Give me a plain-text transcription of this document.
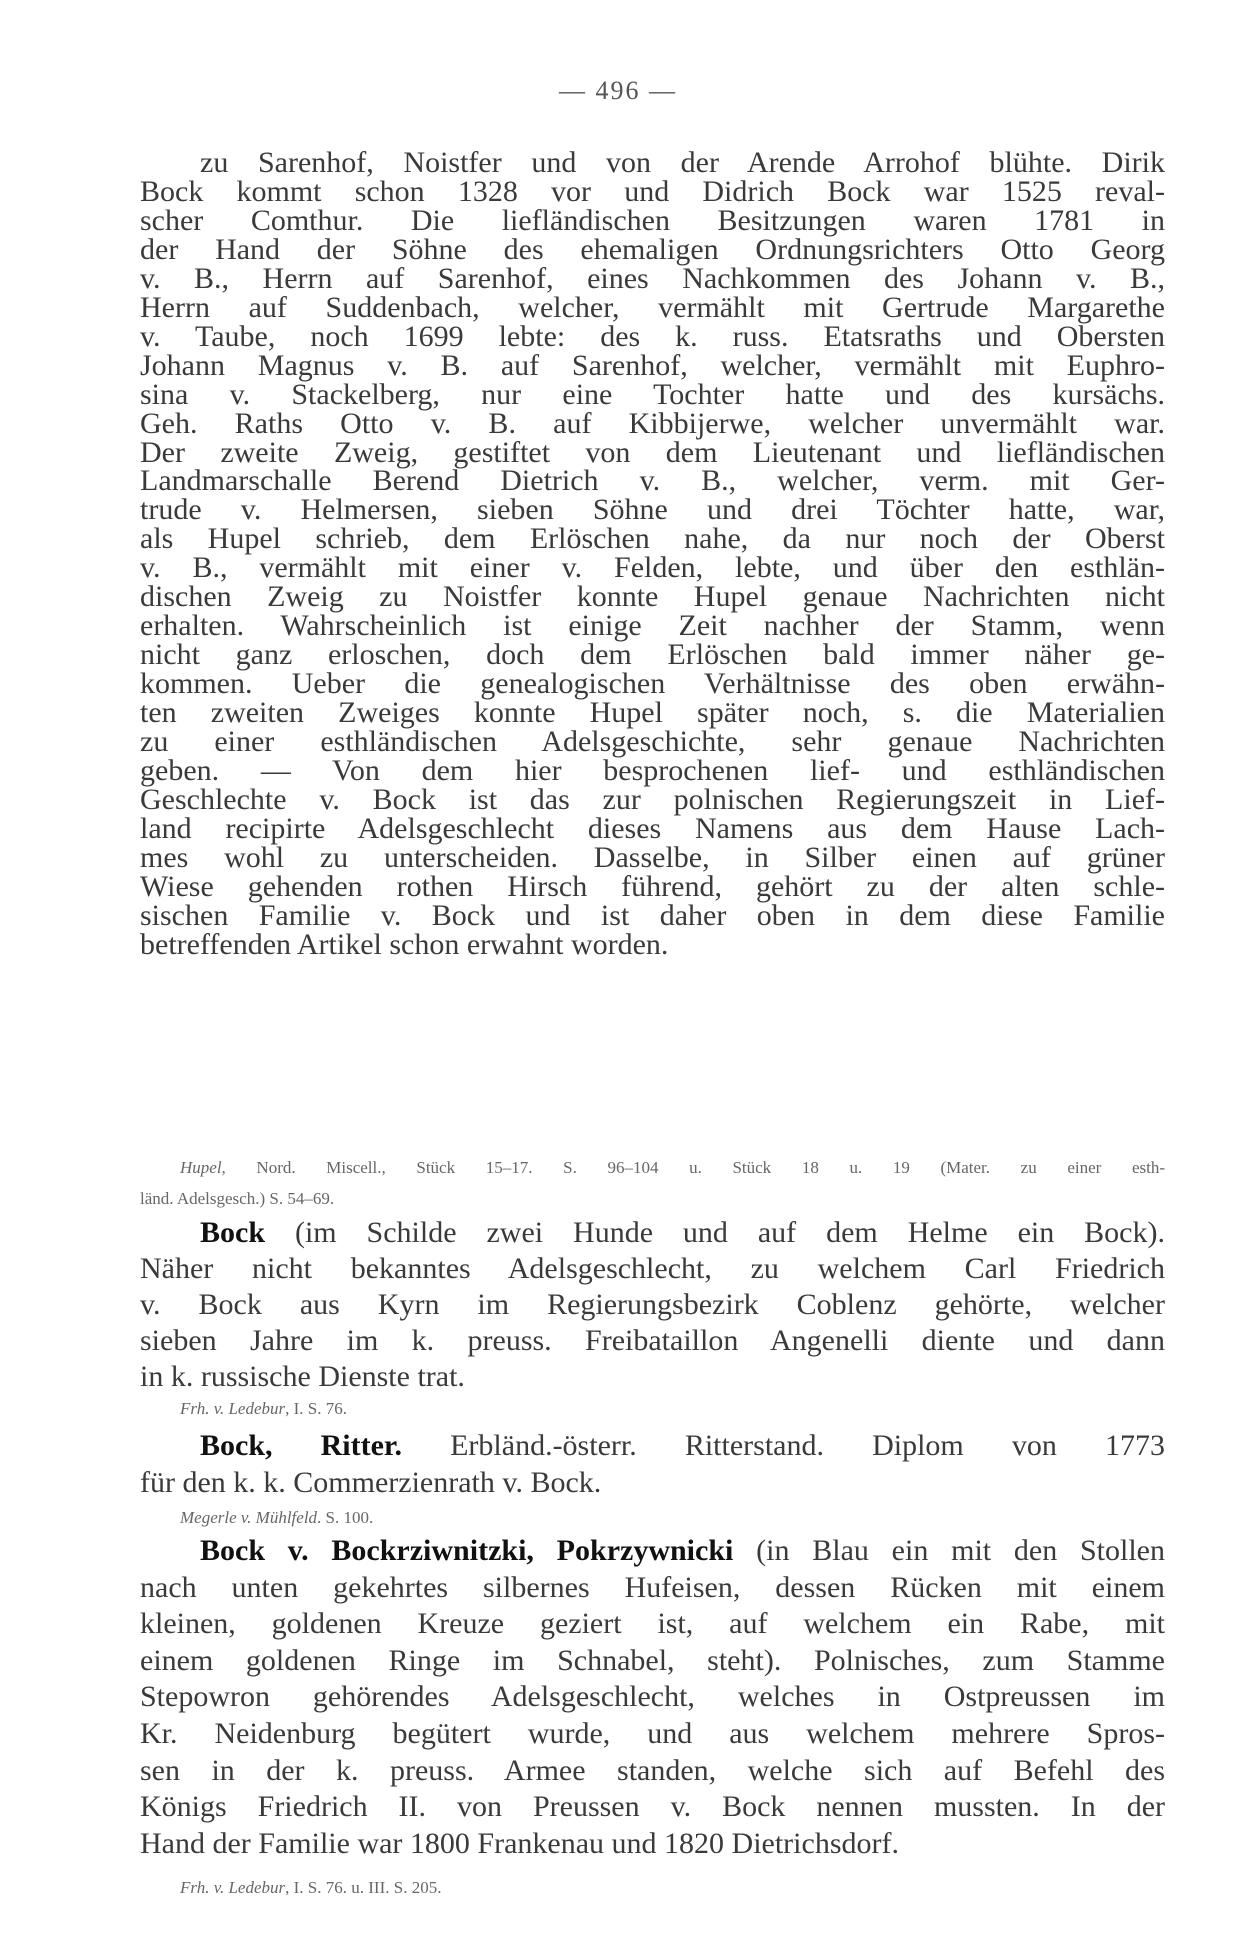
— 496 —
zu Sarenhof, Noistfer und von der Arende Arrohof blühte. Dirik
Bock kommt schon 1328 vor und Didrich Bock war 1525 reval-
scher Comthur. Die liefländischen Besitzungen waren 1781 in
der Hand der Söhne des ehemaligen Ordnungsrichters Otto Georg
v. B., Herrn auf Sarenhof, eines Nachkommen des Johann v. B.,
Herrn auf Suddenbach, welcher, vermählt mit Gertrude Margarethe
v. Taube, noch 1699 lebte: des k. russ. Etatsraths und Obersten
Johann Magnus v. B. auf Sarenhof, welcher, vermählt mit Euphro-
sina v. Stackelberg, nur eine Tochter hatte und des kursächs.
Geh. Raths Otto v. B. auf Kibbijerwe, welcher unvermählt war.
Der zweite Zweig, gestiftet von dem Lieutenant und liefländischen
Landmarschalle Berend Dietrich v. B., welcher, verm. mit Ger-
trude v. Helmersen, sieben Söhne und drei Töchter hatte, war,
als Hupel schrieb, dem Erlöschen nahe, da nur noch der Oberst
v. B., vermählt mit einer v. Felden, lebte, und über den esthlän-
dischen Zweig zu Noistfer konnte Hupel genaue Nachrichten nicht
erhalten. Wahrscheinlich ist einige Zeit nachher der Stamm, wenn
nicht ganz erloschen, doch dem Erlöschen bald immer näher ge-
kommen. Ueber die genealogischen Verhältnisse des oben erwähn-
ten zweiten Zweiges konnte Hupel später noch, s. die Materialien
zu einer esthländischen Adelsgeschichte, sehr genaue Nachrichten
geben. — Von dem hier besprochenen lief- und esthländischen
Geschlechte v. Bock ist das zur polnischen Regierungszeit in Lief-
land recipirte Adelsgeschlecht dieses Namens aus dem Hause Lach-
mes wohl zu unterscheiden. Dasselbe, in Silber einen auf grüner
Wiese gehenden rothen Hirsch führend, gehört zu der alten schle-
sischen Familie v. Bock und ist daher oben in dem diese Familie
betreffenden Artikel schon erwahnt worden.
Hupel, Nord. Miscell., Stück 15–17. S. 96–104 u. Stück 18 u. 19 (Mater. zu einer esth-
länd. Adelsgesch.) S. 54–69.
Bock (im Schilde zwei Hunde und auf dem Helme ein Bock).
Näher nicht bekanntes Adelsgeschlecht, zu welchem Carl Friedrich
v. Bock aus Kyrn im Regierungsbezirk Coblenz gehörte, welcher
sieben Jahre im k. preuss. Freibataillon Angenelli diente und dann
in k. russische Dienste trat.
Frh. v. Ledebur, I. S. 76.
Bock, Ritter. Erbländ.-österr. Ritterstand. Diplom von 1773
für den k. k. Commerzienrath v. Bock.
Megerle v. Mühlfeld. S. 100.
Bock v. Bockrziwnitzki, Pokrzywnicki (in Blau ein mit den Stollen
nach unten gekehrtes silbernes Hufeisen, dessen Rücken mit einem
kleinen, goldenen Kreuze geziert ist, auf welchem ein Rabe, mit
einem goldenen Ringe im Schnabel, steht). Polnisches, zum Stamme
Stepowron gehörendes Adelsgeschlecht, welches in Ostpreussen im
Kr. Neidenburg begütert wurde, und aus welchem mehrere Spros-
sen in der k. preuss. Armee standen, welche sich auf Befehl des
Königs Friedrich II. von Preussen v. Bock nennen mussten. In der
Hand der Familie war 1800 Frankenau und 1820 Dietrichsdorf.
Frh. v. Ledebur, I. S. 76. u. III. S. 205.
